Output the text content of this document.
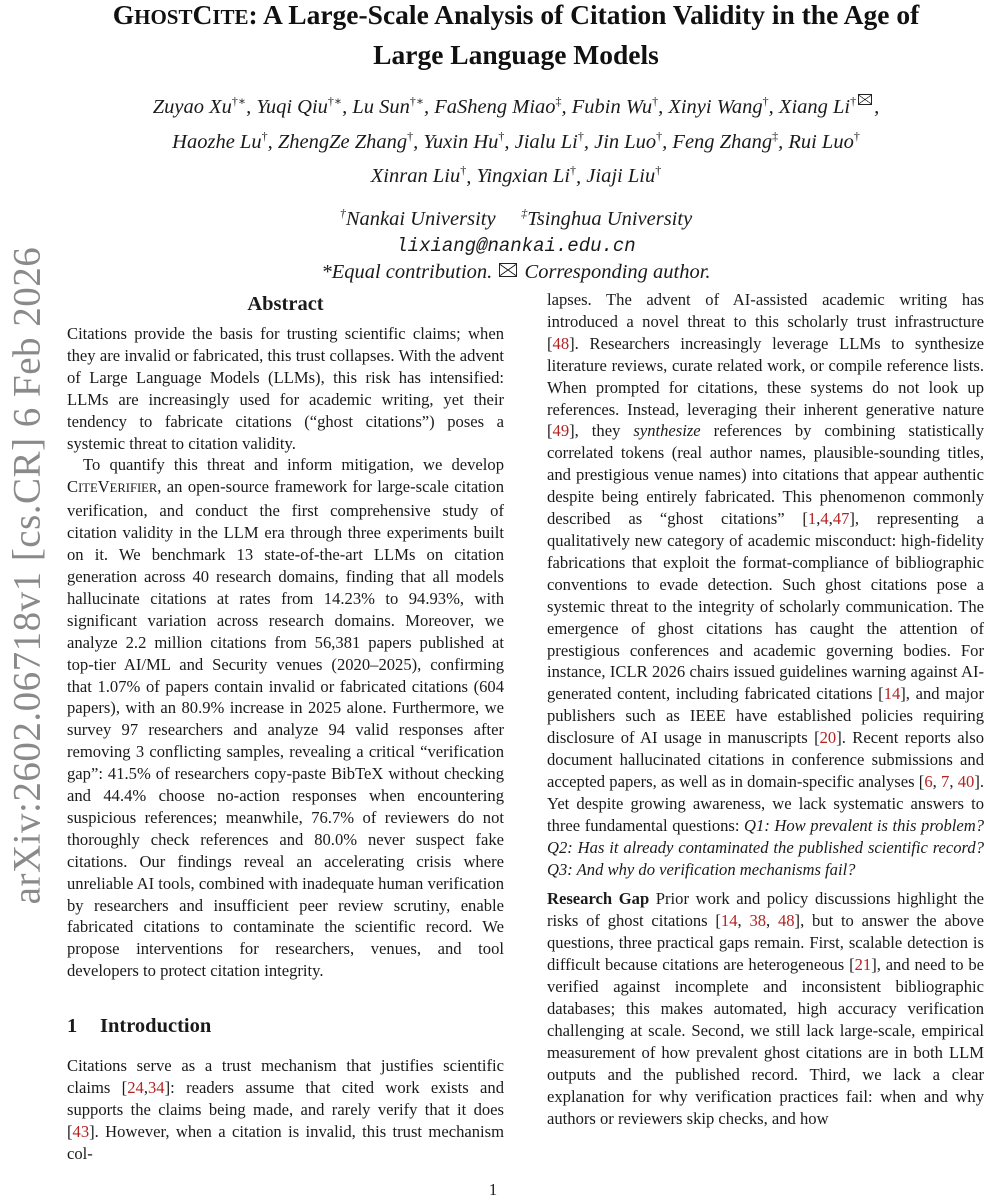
arXiv:2602.06718v1 [cs.CR] 6 Feb 2026
GHOSTCITE: A Large-Scale Analysis of Citation Validity in the Age of
Large Language Models
Zuyao Xu†∗, Yuqi Qiu†∗, Lu Sun†∗, FaSheng Miao‡, Fubin Wu†, Xinyi Wang†, Xiang Li† ,
Haozhe Lu†, ZhengZe Zhang†, Yuxin Hu†, Jialu Li†, Jin Luo†, Feng Zhang‡, Rui Luo†
Xinran Liu†, Yingxian Li†, Jiaji Liu†
†Nankai University ‡Tsinghua University
lixiang@nankai.edu.cn
*Equal contribution. Corresponding author.
Abstract

Citations provide the basis for trusting scientific claims; when they are invalid or fabricated, this trust collapses. With the advent of Large Language Models (LLMs), this risk has intensified: LLMs are increasingly used for academic writing, yet their tendency to fabricate citations (“ghost citations”) poses a systemic threat to citation validity.

To quantify this threat and inform mitigation, we develop CITEVERIFIER, an open-source framework for large-scale citation verification, and conduct the first comprehensive study of citation validity in the LLM era through three experiments built on it. We benchmark 13 state-of-the-art LLMs on citation generation across 40 research domains, finding that all models hallucinate citations at rates from 14.23% to 94.93%, with significant variation across research domains. Moreover, we analyze 2.2 million citations from 56,381 papers published at top-tier AI/ML and Security venues (2020–2025), confirming that 1.07% of papers contain invalid or fabricated citations (604 papers), with an 80.9% increase in 2025 alone. Furthermore, we survey 97 researchers and analyze 94 valid responses after removing 3 conflicting samples, revealing a critical “verification gap”: 41.5% of researchers copy-paste BibTeX without checking and 44.4% choose no-action responses when encountering suspicious references; meanwhile, 76.7% of reviewers do not thoroughly check references and 80.0% never suspect fake citations. Our findings reveal an accelerating crisis where unreliable AI tools, combined with inadequate human verification by researchers and insufficient peer review scrutiny, enable fabricated citations to contaminate the scientific record. We propose interventions for researchers, venues, and tool developers to protect citation integrity.

1 Introduction

Citations serve as a trust mechanism that justifies scientific claims [24,34]: readers assume that cited work exists and supports the claims being made, and rarely verify that it does [43]. However, when a citation is invalid, this trust mechanism col-

lapses. The advent of AI-assisted academic writing has introduced a novel threat to this scholarly trust infrastructure [48]. Researchers increasingly leverage LLMs to synthesize literature reviews, curate related work, or compile reference lists. When prompted for citations, these systems do not look up references. Instead, leveraging their inherent generative nature [49], they synthesize references by combining statistically correlated tokens (real author names, plausible-sounding titles, and prestigious venue names) into citations that appear authentic despite being entirely fabricated. This phenomenon commonly described as “ghost citations” [1,4,47], representing a qualitatively new category of academic misconduct: high-fidelity fabrications that exploit the format-compliance of bibliographic conventions to evade detection. Such ghost citations pose a systemic threat to the integrity of scholarly communication. The emergence of ghost citations has caught the attention of prestigious conferences and academic governing bodies. For instance, ICLR 2026 chairs issued guidelines warning against AI-generated content, including fabricated citations [14], and major publishers such as IEEE have established policies requiring disclosure of AI usage in manuscripts [20]. Recent reports also document hallucinated citations in conference submissions and accepted papers, as well as in domain-specific analyses [6, 7, 40]. Yet despite growing awareness, we lack systematic answers to three fundamental questions: Q1: How prevalent is this problem? Q2: Has it already contaminated the published scientific record? Q3: And why do verification mechanisms fail?

Research Gap Prior work and policy discussions highlight the risks of ghost citations [14, 38, 48], but to answer the above questions, three practical gaps remain. First, scalable detection is difficult because citations are heterogeneous [21], and need to be verified against incomplete and inconsistent bibliographic databases; this makes automated, high accuracy verification challenging at scale. Second, we still lack large-scale, empirical measurement of how prevalent ghost citations are in both LLM outputs and the published record. Third, we lack a clear explanation for why verification practices fail: when and why authors or reviewers skip checks, and how

1
